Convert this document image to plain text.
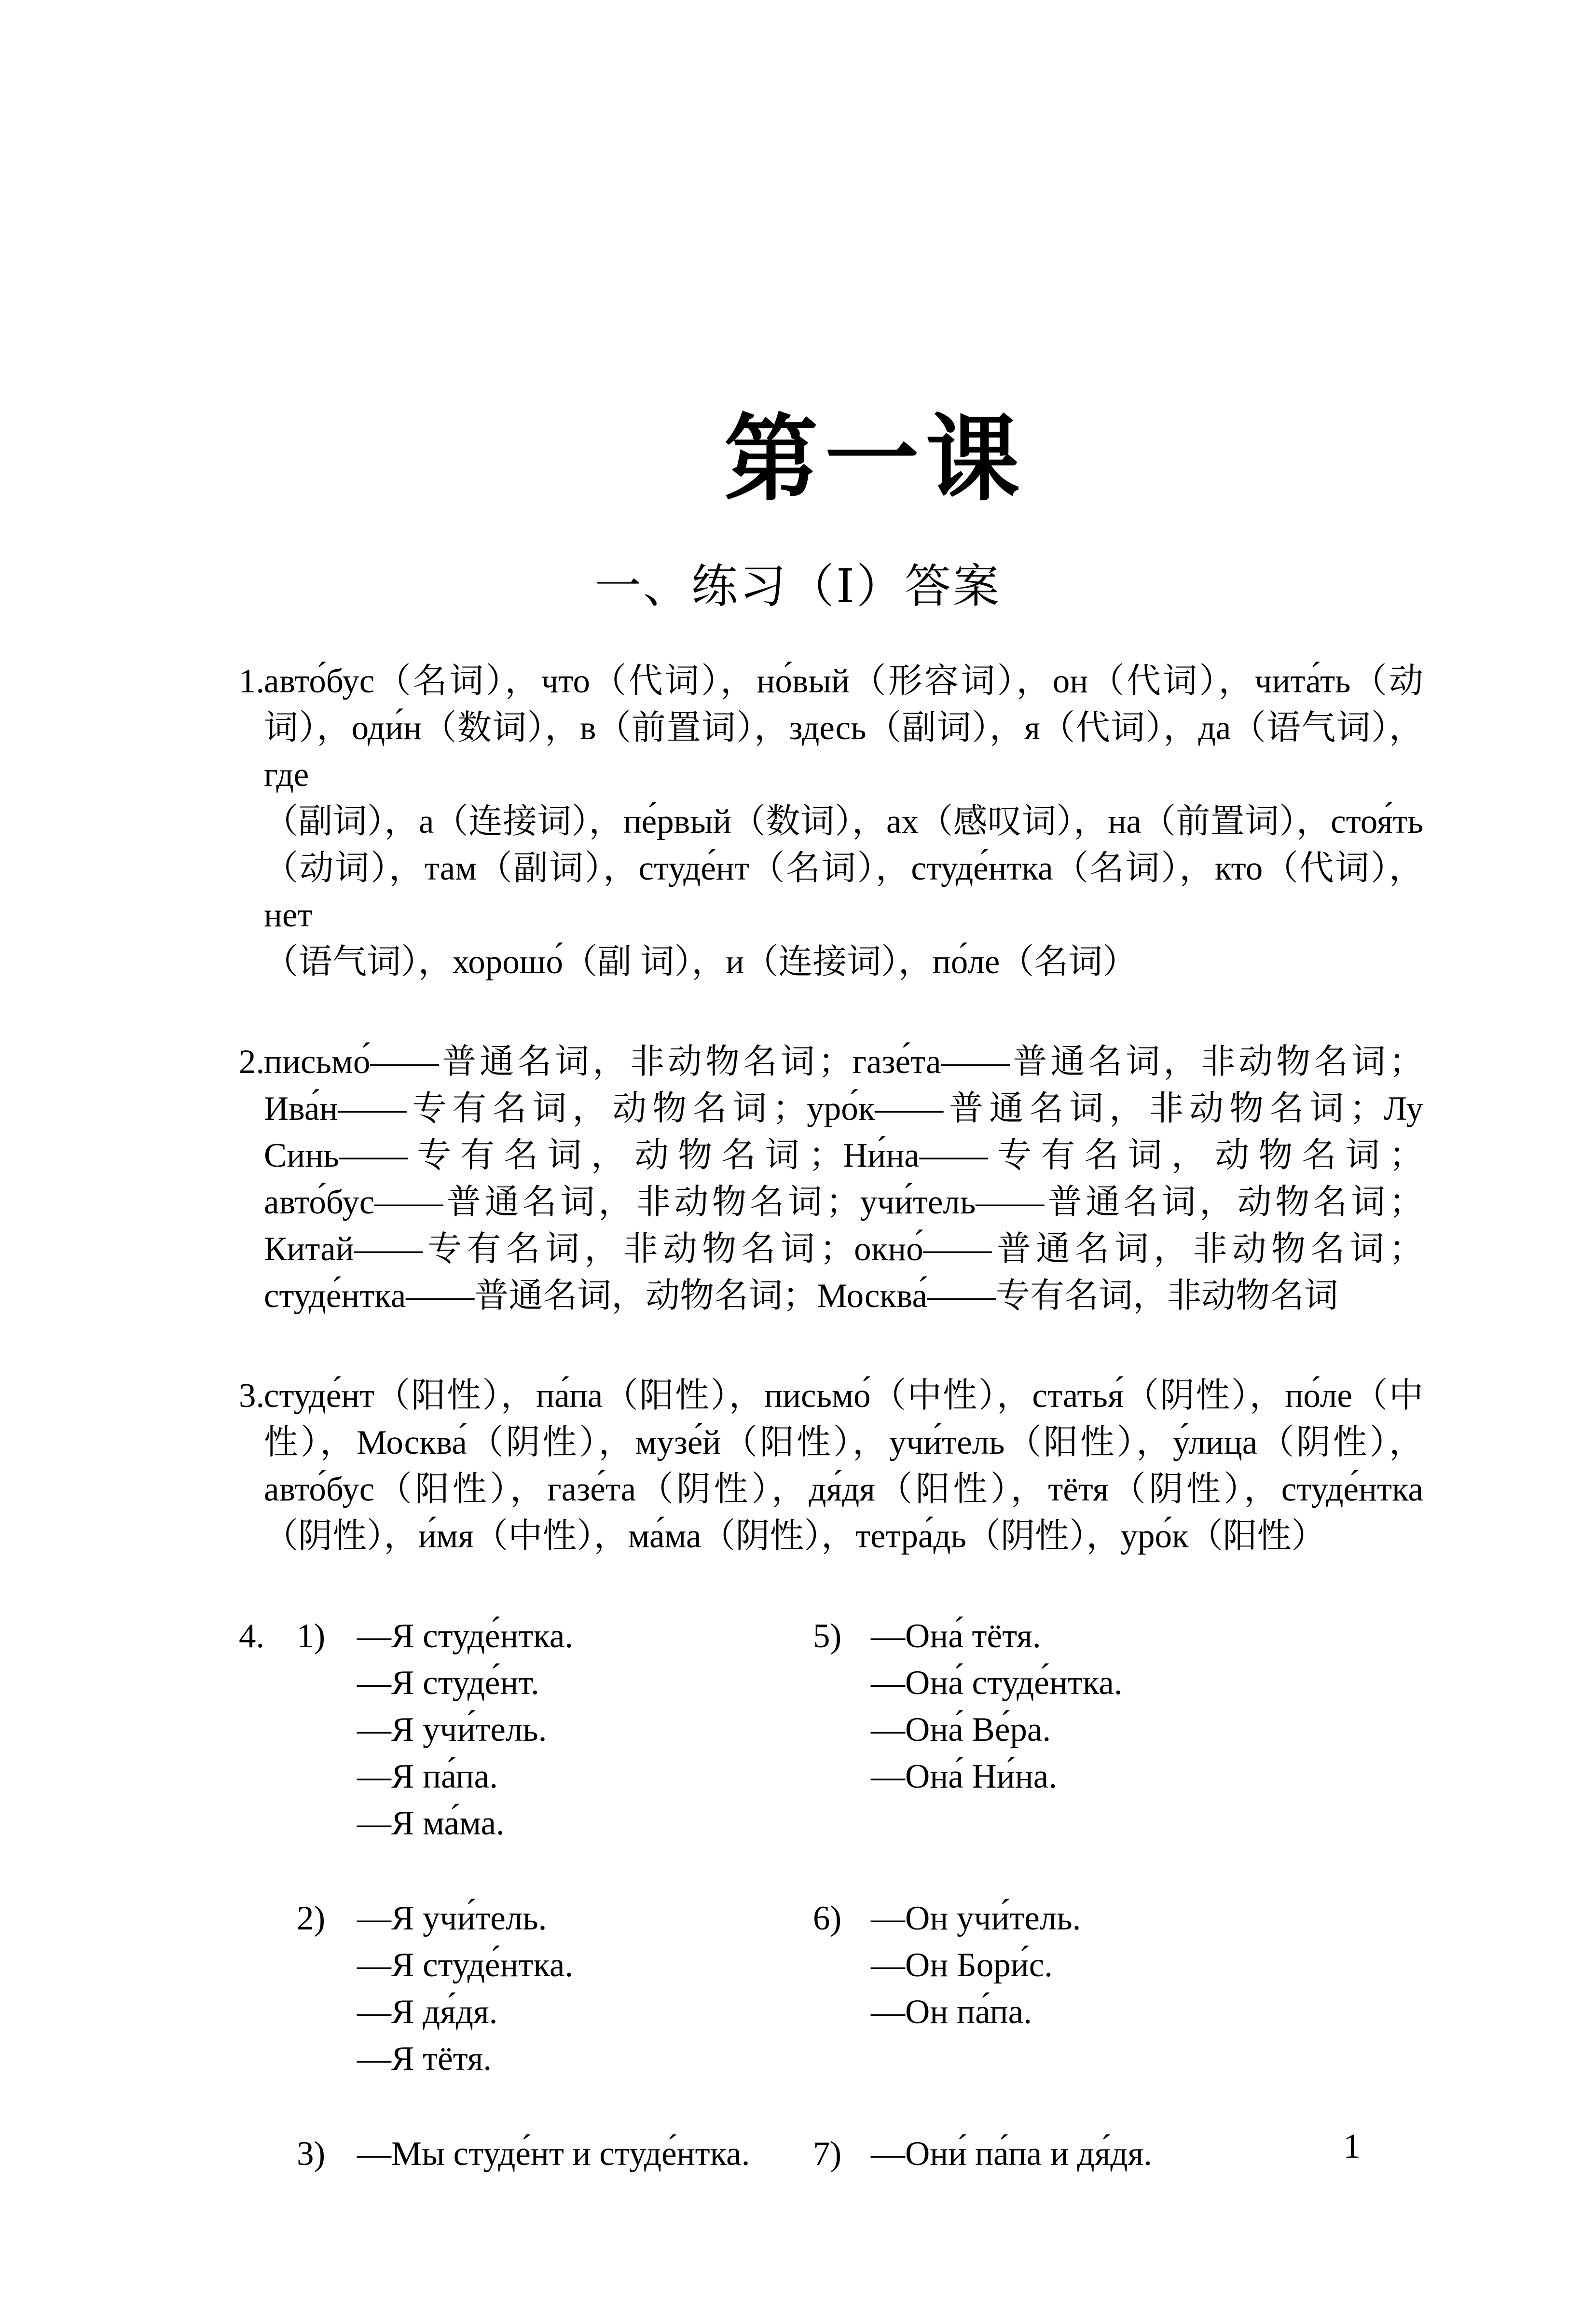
第一课
一、练习（Ⅰ）答案
1.
авто́бус（名词），что（代词），но́вый（形容词），он（代词），чита́ть（动
词），оди́н（数词），в（前置词），здесь（副词），я（代词），да（语气词），где
（副词），а（连接词），пе́рвый（数词），ах（感叹词），на（前置词），стоя́ть
（动词），там（副词），студе́нт（名词），студе́нтка（名词），кто（代词），нет
（语气词），хорошо́（副 词），и（连接词），по́ле（名词）
2.
письмо́——普通名词，非动物名词；газе́та——普通名词，非动物名词；
Ива́н——专有名词，动物名词；уро́к——普通名词，非动物名词；Лу
Синь——专有名词，动物名词；Ни́на——专有名词，动物名词；
авто́бус——普通名词，非动物名词；учи́тель——普通名词，动物名词；
Китай——专有名词，非动物名词；окно́——普通名词，非动物名词；
студе́нтка——普通名词，动物名词；Москва́——专有名词，非动物名词
3.
студе́нт（阳性），па́па（阳性），письмо́（中性），статья́（阴性），по́ле（中
性），Москва́（阴性），музе́й（阳性），учи́тель（阳性），у́лица（阴性），
авто́бус（阳性），газе́та（阴性），дя́дя（阳性），тётя（阴性），студе́нтка
（阴性），и́мя（中性），ма́ма（阴性），тетра́дь（阴性），уро́к（阳性）
4. 1) —Я студе́нтка.
—Я студе́нт.
—Я учи́тель.
—Я па́па.
—Я ма́ма.
2) —Я учи́тель.
—Я студе́нтка.
—Я дя́дя.
—Я тётя.
3) —Мы студе́нт и студе́нтка.
5) —Она́ тётя.
—Она́ студе́нтка.
—Она́ Ве́ра.
—Она́ Ни́на.
6) —Он учи́тель.
—Он Бори́с.
—Он па́па.
7) —Они́ па́па и дя́дя.	1
